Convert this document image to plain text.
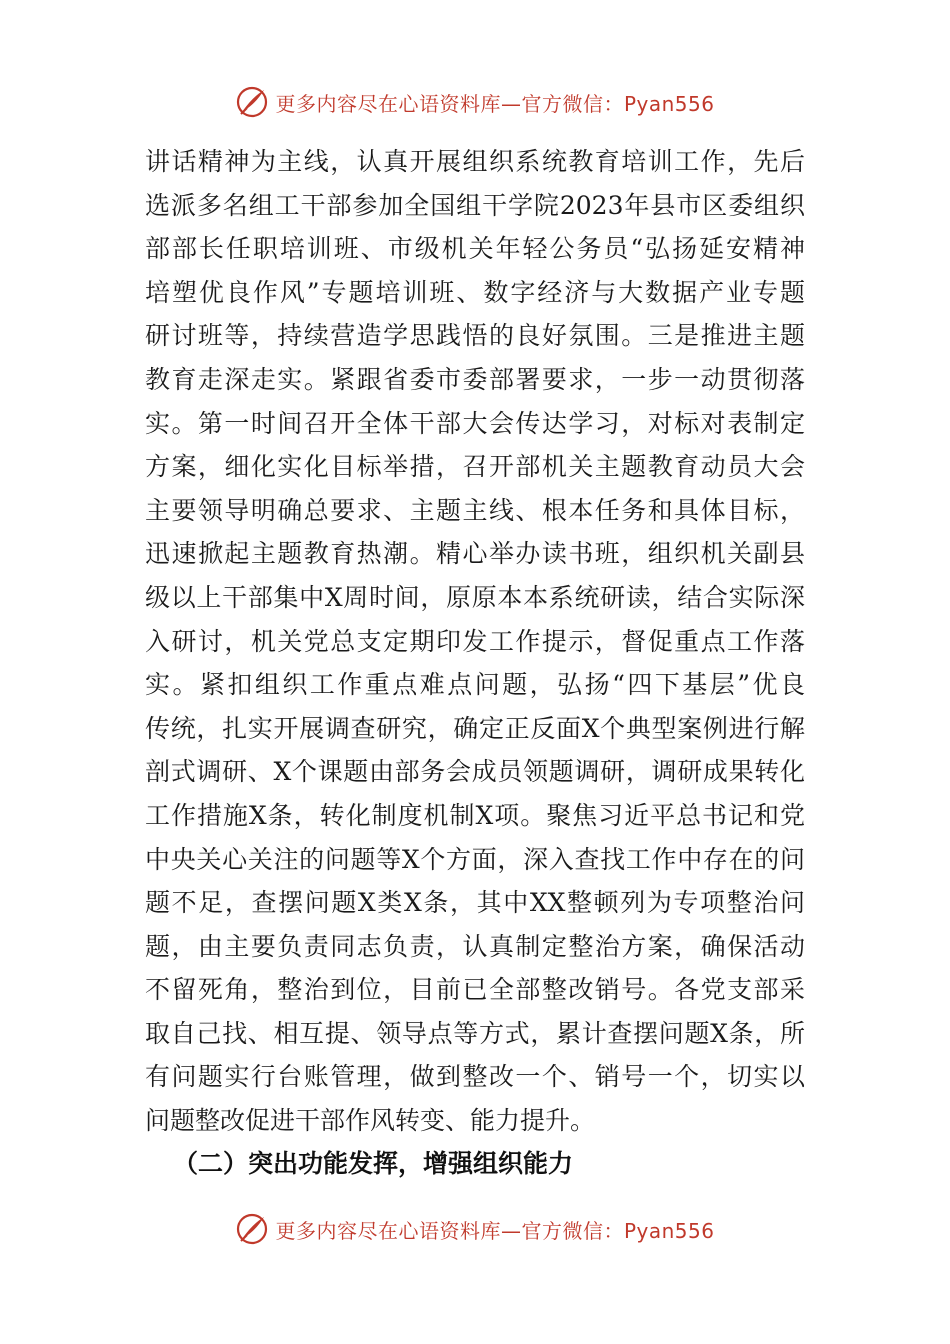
更多内容尽在心语资料库—官方微信：Pyan556
讲话精神为主线，认真开展组织系统教育培训工作，先后
选派多名组工干部参加全国组干学院2023年县市区委组织
部部长任职培训班、市级机关年轻公务员“弘扬延安精神
培塑优良作风”专题培训班、数字经济与大数据产业专题
研讨班等，持续营造学思践悟的良好氛围。三是推进主题
教育走深走实。紧跟省委市委部署要求，一步一动贯彻落
实。第一时间召开全体干部大会传达学习，对标对表制定
方案，细化实化目标举措，召开部机关主题教育动员大会
主要领导明确总要求、主题主线、根本任务和具体目标，
迅速掀起主题教育热潮。精心举办读书班，组织机关副县
级以上干部集中X周时间，原原本本系统研读，结合实际深
入研讨，机关党总支定期印发工作提示，督促重点工作落
实。紧扣组织工作重点难点问题，弘扬“四下基层”优良
传统，扎实开展调查研究，确定正反面X个典型案例进行解
剖式调研、X个课题由部务会成员领题调研，调研成果转化
工作措施X条，转化制度机制X项。聚焦习近平总书记和党
中央关心关注的问题等X个方面，深入查找工作中存在的问
题不足，查摆问题X类X条，其中XX整顿列为专项整治问
题，由主要负责同志负责，认真制定整治方案，确保活动
不留死角，整治到位，目前已全部整改销号。各党支部采
取自己找、相互提、领导点等方式，累计查摆问题X条，所
有问题实行台账管理，做到整改一个、销号一个，切实以
问题整改促进干部作风转变、能力提升。
（二）突出功能发挥，增强组织能力
更多内容尽在心语资料库—官方微信：Pyan556
